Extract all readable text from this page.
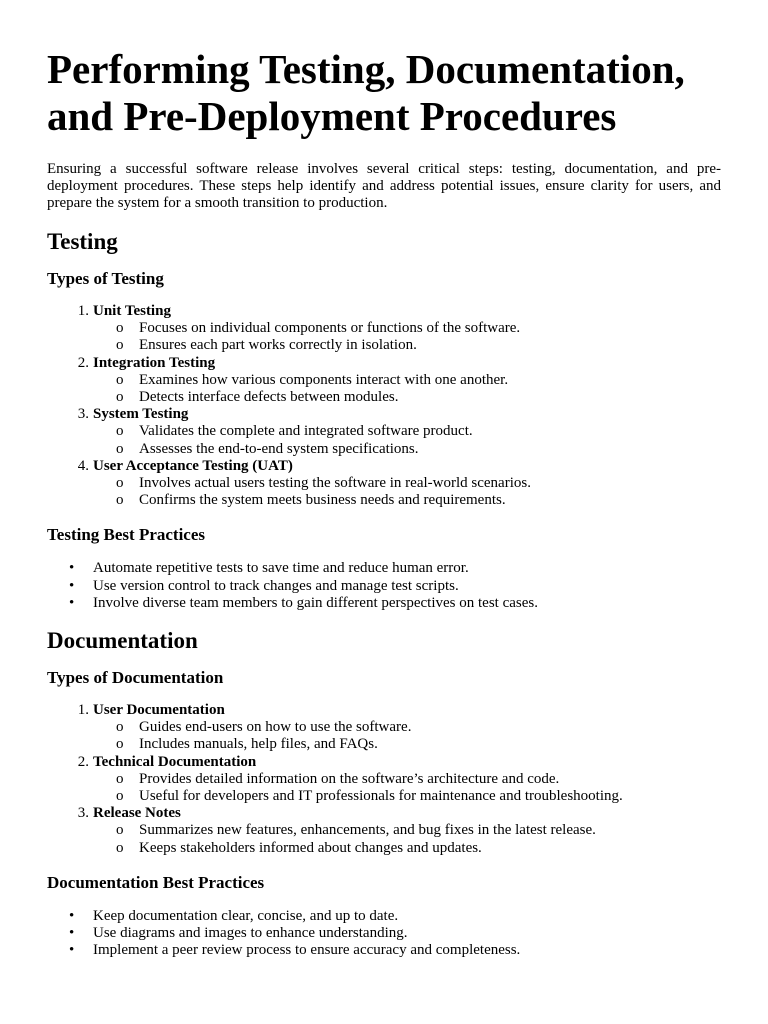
Performing Testing, Documentation, and Pre-Deployment Procedures

Ensuring a successful software release involves several critical steps: testing, documentation, and pre-deployment procedures. These steps help identify and address potential issues, ensure clarity for users, and prepare the system for a smooth transition to production.

Testing
Types of Testing
1. Unit Testing
o Focuses on individual components or functions of the software.
o Ensures each part works correctly in isolation.
2. Integration Testing
o Examines how various components interact with one another.
o Detects interface defects between modules.
3. System Testing
o Validates the complete and integrated software product.
o Assesses the end-to-end system specifications.
4. User Acceptance Testing (UAT)
o Involves actual users testing the software in real-world scenarios.
o Confirms the system meets business needs and requirements.
Testing Best Practices
• Automate repetitive tests to save time and reduce human error.
• Use version control to track changes and manage test scripts.
• Involve diverse team members to gain different perspectives on test cases.
Documentation
Types of Documentation
1. User Documentation
o Guides end-users on how to use the software.
o Includes manuals, help files, and FAQs.
2. Technical Documentation
o Provides detailed information on the software’s architecture and code.
o Useful for developers and IT professionals for maintenance and troubleshooting.
3. Release Notes
o Summarizes new features, enhancements, and bug fixes in the latest release.
o Keeps stakeholders informed about changes and updates.
Documentation Best Practices
• Keep documentation clear, concise, and up to date.
• Use diagrams and images to enhance understanding.
• Implement a peer review process to ensure accuracy and completeness.
